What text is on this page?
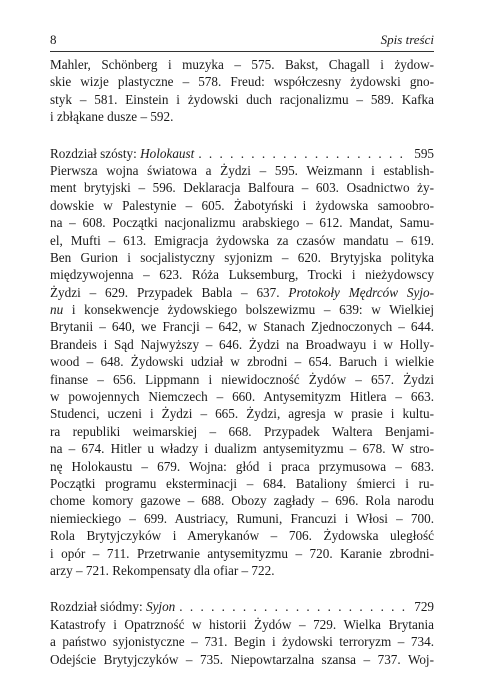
8	Spis treści
Mahler, Schönberg i muzyka – 575. Bakst, Chagall i żydow-
skie wizje plastyczne – 578. Freud: współczesny żydowski gno-
styk – 581. Einstein i żydowski duch racjonalizmu – 589. Kafka
i zbłąkane dusze – 592.
Rozdział szósty: Holokaust . . .	595
Pierwsza wojna światowa a Żydzi – 595. Weizmann i establish-
ment brytyjski – 596. Deklaracja Balfoura – 603. Osadnictwo ży-
dowskie w Palestynie – 605. Żabotyński i żydowska samoobro-
na – 608. Początki nacjonalizmu arabskiego – 612. Mandat, Samu-
el, Mufti – 613. Emigracja żydowska za czasów mandatu – 619.
Ben Gurion i socjalistyczny syjonizm – 620. Brytyjska polityka
międzywojenna – 623. Róża Luksemburg, Trocki i nieżydowscy
Żydzi – 629. Przypadek Babla – 637. Protokoły Mędrców Syjo-
nu i konsekwencje żydowskiego bolszewizmu – 639: w Wielkiej
Brytanii – 640, we Francji – 642, w Stanach Zjednoczonych – 644.
Brandeis i Sąd Najwyższy – 646. Żydzi na Broadwayu i w Holly-
wood – 648. Żydowski udział w zbrodni – 654. Baruch i wielkie
finanse – 656. Lippmann i niewidoczność Żydów – 657. Żydzi
w powojennych Niemczech – 660. Antysemityzm Hitlera – 663.
Studenci, uczeni i Żydzi – 665. Żydzi, agresja w prasie i kultu-
ra republiki weimarskiej – 668. Przypadek Waltera Benjami-
na – 674. Hitler u władzy i dualizm antysemityzmu – 678. W stro-
nę Holokaustu – 679. Wojna: głód i praca przymusowa – 683.
Początki programu eksterminacji – 684. Bataliony śmierci i ru-
chome komory gazowe – 688. Obozy zagłady – 696. Rola narodu
niemieckiego – 699. Austriacy, Rumuni, Francuzi i Włosi – 700.
Rola Brytyjczyków i Amerykanów – 706. Żydowska uległość
i opór – 711. Przetrwanie antysemityzmu – 720. Karanie zbrodni-
arzy – 721. Rekompensaty dla ofiar – 722.
Rozdział siódmy: Syjon . . .	729
Katastrofy i Opatrzność w historii Żydów – 729. Wielka Brytania
a państwo syjonistyczne – 731. Begin i żydowski terroryzm – 734.
Odejście Brytyjczyków – 735. Niepowtarzalna szansa – 737. Woj-
